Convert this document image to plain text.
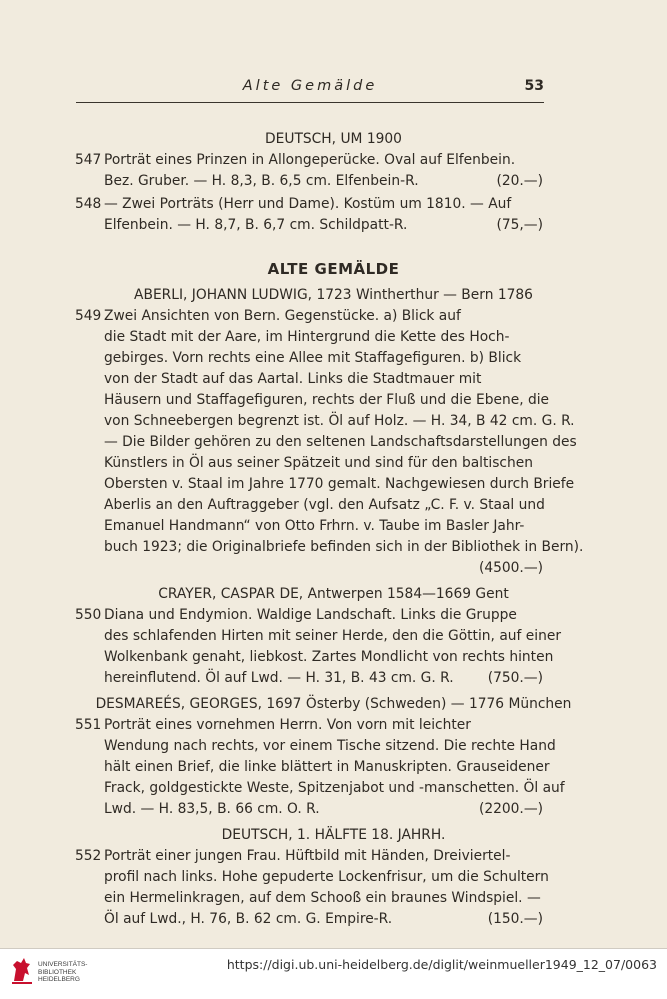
Alte Gemälde	53
DEUTSCH, UM 1900
547 Porträt eines Prinzen in Allongeperücke. Oval auf Elfenbein.
Bez. Gruber. — H. 8,3, B. 6,5 cm. Elfenbein-R.	(20.—)
548 — Zwei Porträts (Herr und Dame). Kostüm um 1810. — Auf
Elfenbein. — H. 8,7, B. 6,7 cm. Schildpatt-R.	(75,—)
ALTE GEMÄLDE
ABERLI, JOHANN LUDWIG, 1723 Wintherthur — Bern 1786
549 Zwei Ansichten von Bern. Gegenstücke. a) Blick auf
die Stadt mit der Aare, im Hintergrund die Kette des Hoch-
gebirges. Vorn rechts eine Allee mit Staffagefiguren. b) Blick
von der Stadt auf das Aartal. Links die Stadtmauer mit
Häusern und Staffagefiguren, rechts der Fluß und die Ebene, die
von Schneebergen begrenzt ist. Öl auf Holz. — H. 34, B 42 cm. G. R.
— Die Bilder gehören zu den seltenen Landschaftsdarstellungen des
Künstlers in Öl aus seiner Spätzeit und sind für den baltischen
Obersten v. Staal im Jahre 1770 gemalt. Nachgewiesen durch Briefe
Aberlis an den Auftraggeber (vgl. den Aufsatz „C. F. v. Staal und
Emanuel Handmann“ von Otto Frhrn. v. Taube im Basler Jahr-
buch 1923; die Originalbriefe befinden sich in der Bibliothek in Bern).
(4500.—)
CRAYER, CASPAR DE, Antwerpen 1584—1669 Gent
550 Diana und Endymion. Waldige Landschaft. Links die Gruppe
des schlafenden Hirten mit seiner Herde, den die Göttin, auf einer
Wolkenbank genaht, liebkost. Zartes Mondlicht von rechts hinten
hereinflutend. Öl auf Lwd. — H. 31, B. 43 cm. G. R. (750.—)
DESMAREÉS, GEORGES, 1697 Österby (Schweden) — 1776 München
551 Porträt eines vornehmen Herrn. Von vorn mit leichter
Wendung nach rechts, vor einem Tische sitzend. Die rechte Hand
hält einen Brief, die linke blättert in Manuskripten. Grauseidener
Frack, goldgestickte Weste, Spitzenjabot und -manschetten. Öl auf
Lwd. — H. 83,5, B. 66 cm. O. R.	(2200.—)
DEUTSCH, 1. HÄLFTE 18. JAHRH.
552 Porträt einer jungen Frau. Hüftbild mit Händen, Dreiviertel-
profil nach links. Hohe gepuderte Lockenfrisur, um die Schultern
ein Hermelinkragen, auf dem Schooß ein braunes Windspiel. —
Öl auf Lwd., H. 76, B. 62 cm. G. Empire-R.	(150.—)
UNIVERSITÄTS-
BIBLIOTHEK
HEIDELBERG
https://digi.ub.uni-heidelberg.de/diglit/weinmueller1949_12_07/0063
